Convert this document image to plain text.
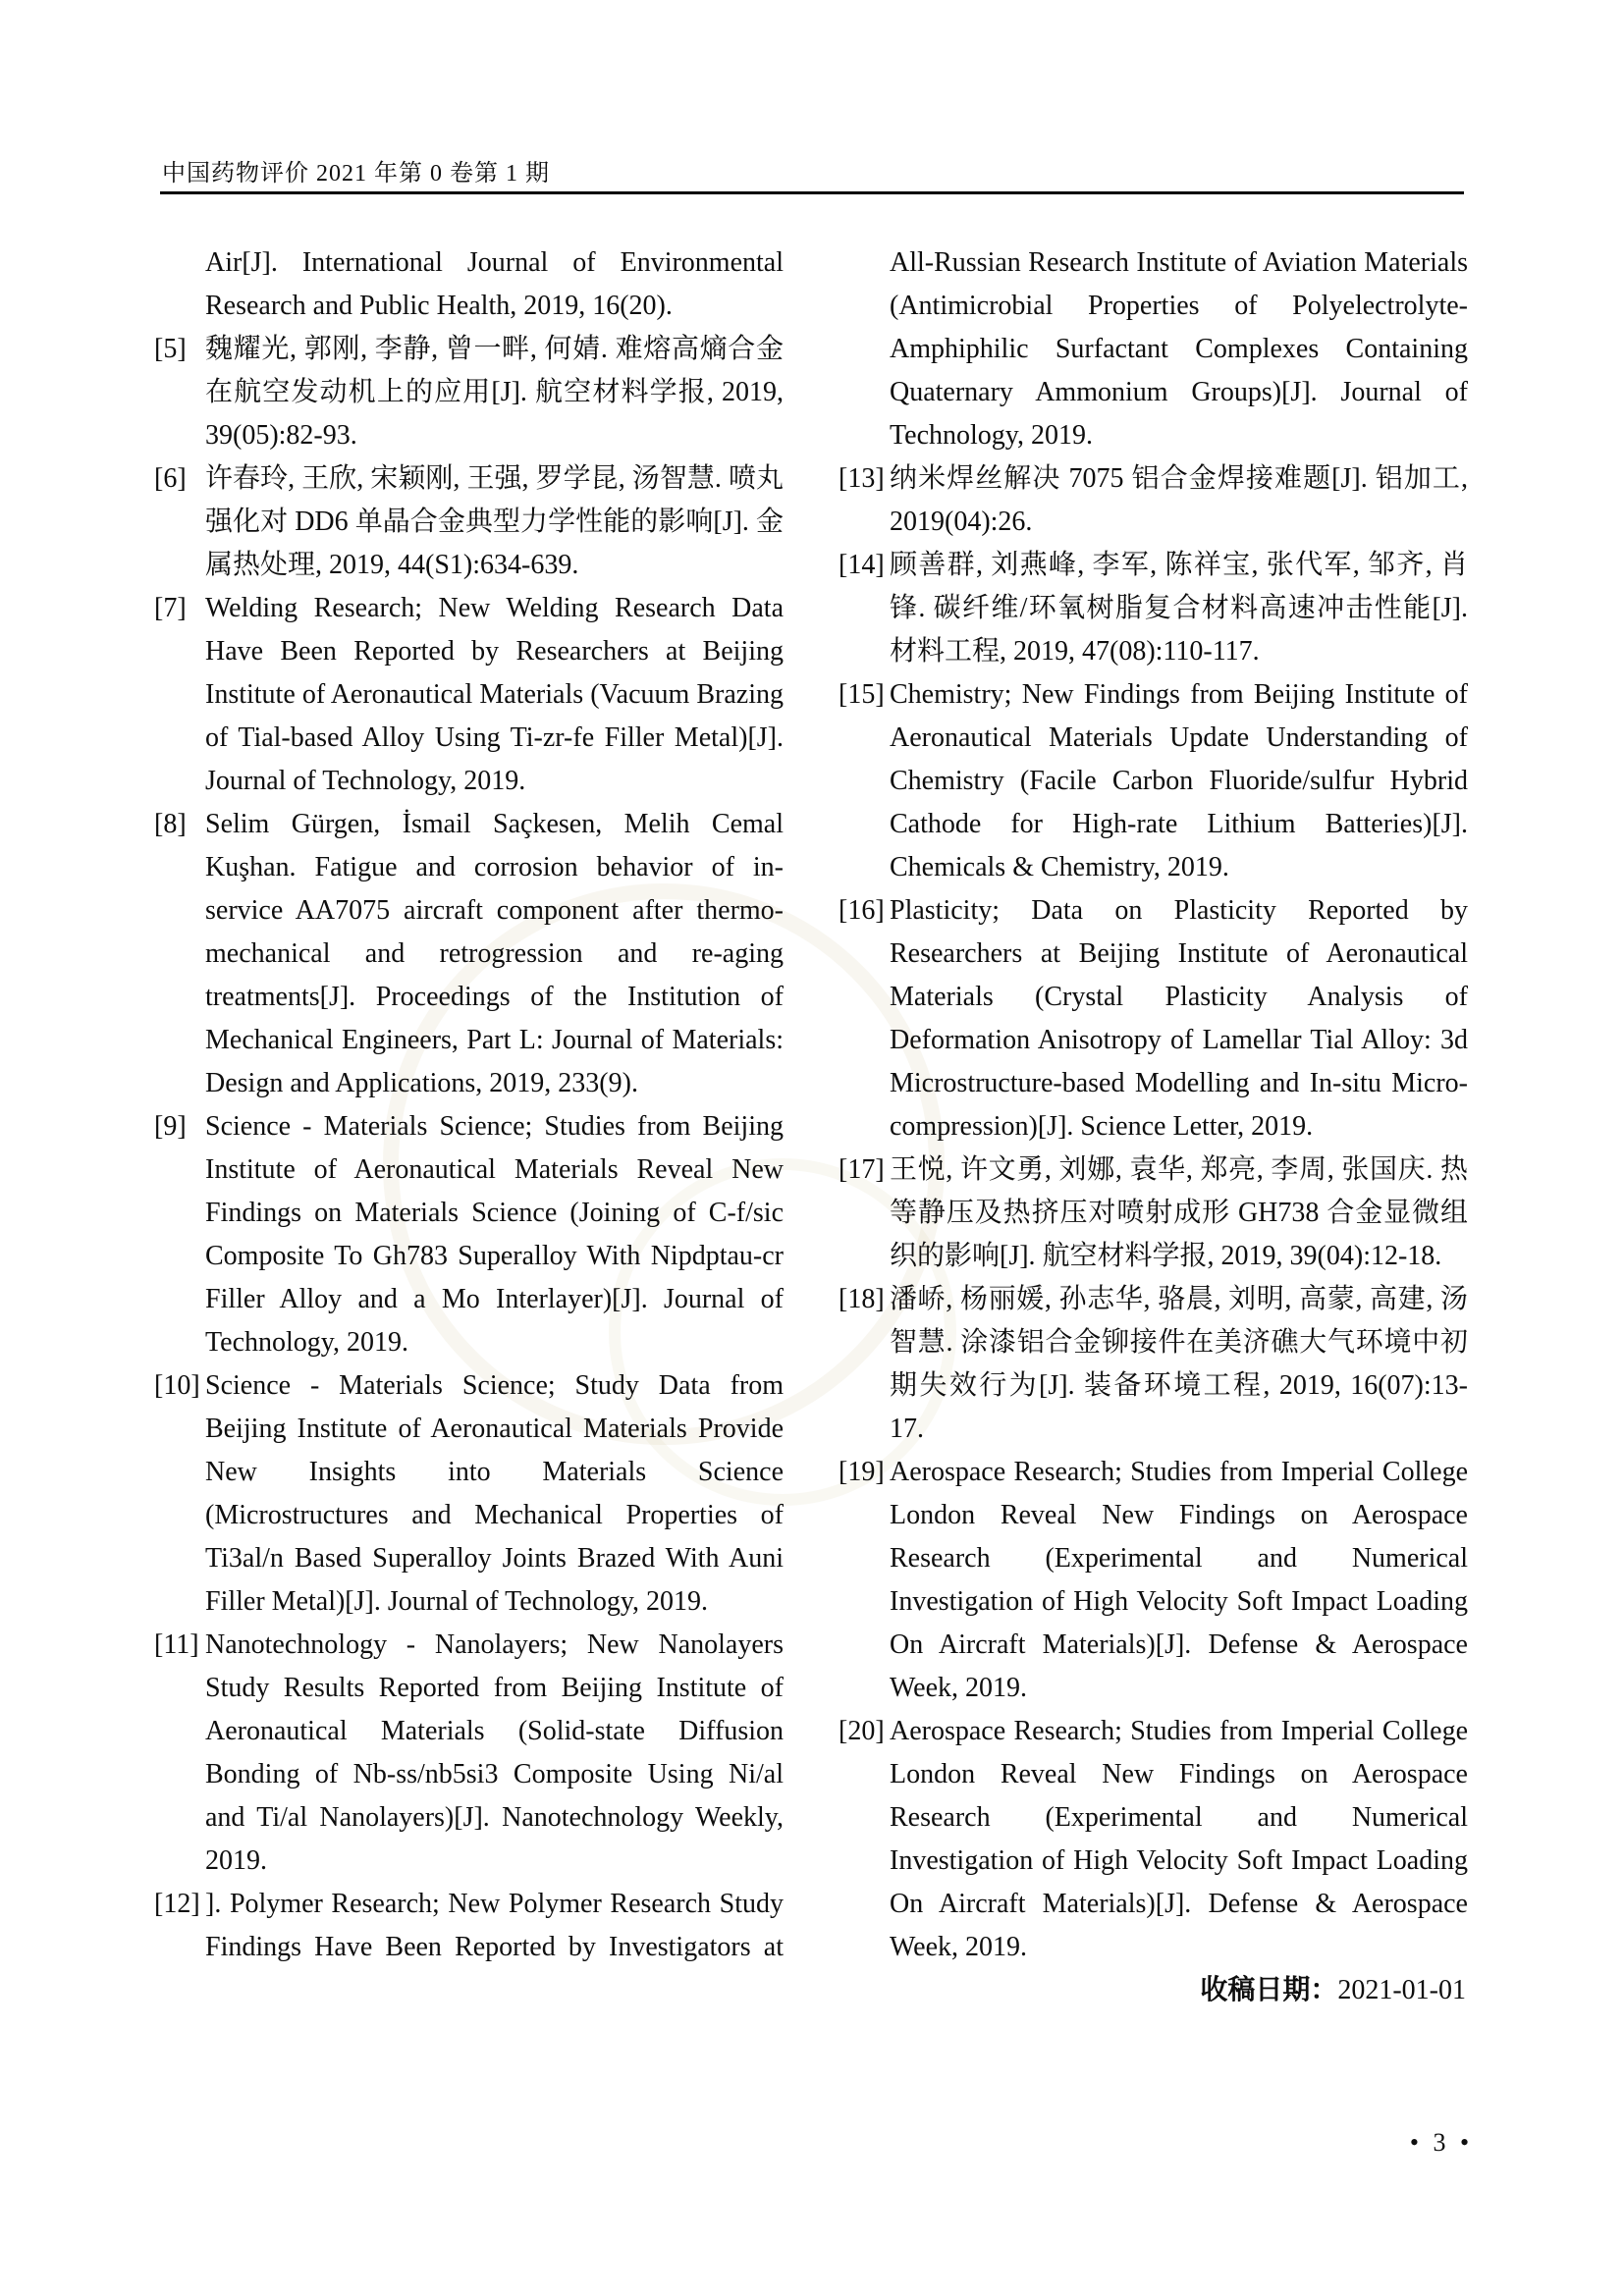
中国药物评价 2021 年第 0 卷第 1 期
Air[J]. International Journal of Environmental Research and Public Health, 2019, 16(20).
[5] 魏耀光, 郭刚, 李静, 曾一畔, 何婧. 难熔高熵合金在航空发动机上的应用[J]. 航空材料学报, 2019, 39(05):82-93.
[6] 许春玲, 王欣, 宋颖刚, 王强, 罗学昆, 汤智慧. 喷丸强化对 DD6 单晶合金典型力学性能的影响[J]. 金属热处理, 2019, 44(S1):634-639.
[7] Welding Research; New Welding Research Data Have Been Reported by Researchers at Beijing Institute of Aeronautical Materials (Vacuum Brazing of Tial-based Alloy Using Ti-zr-fe Filler Metal)[J]. Journal of Technology, 2019.
[8] Selim Gürgen, İsmail Saçkesen, Melih Cemal Kuşhan. Fatigue and corrosion behavior of in-service AA7075 aircraft component after thermo-mechanical and retrogression and re-aging treatments[J]. Proceedings of the Institution of Mechanical Engineers, Part L: Journal of Materials: Design and Applications, 2019, 233(9).
[9] Science - Materials Science; Studies from Beijing Institute of Aeronautical Materials Reveal New Findings on Materials Science (Joining of C-f/sic Composite To Gh783 Superalloy With Nipdptau-cr Filler Alloy and a Mo Interlayer)[J]. Journal of Technology, 2019.
[10] Science - Materials Science; Study Data from Beijing Institute of Aeronautical Materials Provide New Insights into Materials Science (Microstructures and Mechanical Properties of Ti3al/n Based Superalloy Joints Brazed With Auni Filler Metal)[J]. Journal of Technology, 2019.
[11] Nanotechnology - Nanolayers; New Nanolayers Study Results Reported from Beijing Institute of Aeronautical Materials (Solid-state Diffusion Bonding of Nb-ss/nb5si3 Composite Using Ni/al and Ti/al Nanolayers)[J]. Nanotechnology Weekly, 2019.
[12] ]. Polymer Research; New Polymer Research Study Findings Have Been Reported by Investigators at
All-Russian Research Institute of Aviation Materials (Antimicrobial Properties of Polyelectrolyte-Amphiphilic Surfactant Complexes Containing Quaternary Ammonium Groups)[J]. Journal of Technology, 2019.
[13] 纳米焊丝解决 7075 铝合金焊接难题[J]. 铝加工, 2019(04):26.
[14] 顾善群, 刘燕峰, 李军, 陈祥宝, 张代军, 邹齐, 肖锋. 碳纤维/环氧树脂复合材料高速冲击性能[J]. 材料工程, 2019, 47(08):110-117.
[15] Chemistry; New Findings from Beijing Institute of Aeronautical Materials Update Understanding of Chemistry (Facile Carbon Fluoride/sulfur Hybrid Cathode for High-rate Lithium Batteries)[J]. Chemicals & Chemistry, 2019.
[16] Plasticity; Data on Plasticity Reported by Researchers at Beijing Institute of Aeronautical Materials (Crystal Plasticity Analysis of Deformation Anisotropy of Lamellar Tial Alloy: 3d Microstructure-based Modelling and In-situ Micro-compression)[J]. Science Letter, 2019.
[17] 王悦, 许文勇, 刘娜, 袁华, 郑亮, 李周, 张国庆. 热等静压及热挤压对喷射成形 GH738 合金显微组织的影响[J]. 航空材料学报, 2019, 39(04):12-18.
[18] 潘峤, 杨丽媛, 孙志华, 骆晨, 刘明, 高蒙, 高建, 汤智慧. 涂漆铝合金铆接件在美济礁大气环境中初期失效行为[J]. 装备环境工程, 2019, 16(07):13-17.
[19] Aerospace Research; Studies from Imperial College London Reveal New Findings on Aerospace Research (Experimental and Numerical Investigation of High Velocity Soft Impact Loading On Aircraft Materials)[J]. Defense & Aerospace Week, 2019.
[20] Aerospace Research; Studies from Imperial College London Reveal New Findings on Aerospace Research (Experimental and Numerical Investigation of High Velocity Soft Impact Loading On Aircraft Materials)[J]. Defense & Aerospace Week, 2019.
收稿日期：2021-01-01
• 3 •
